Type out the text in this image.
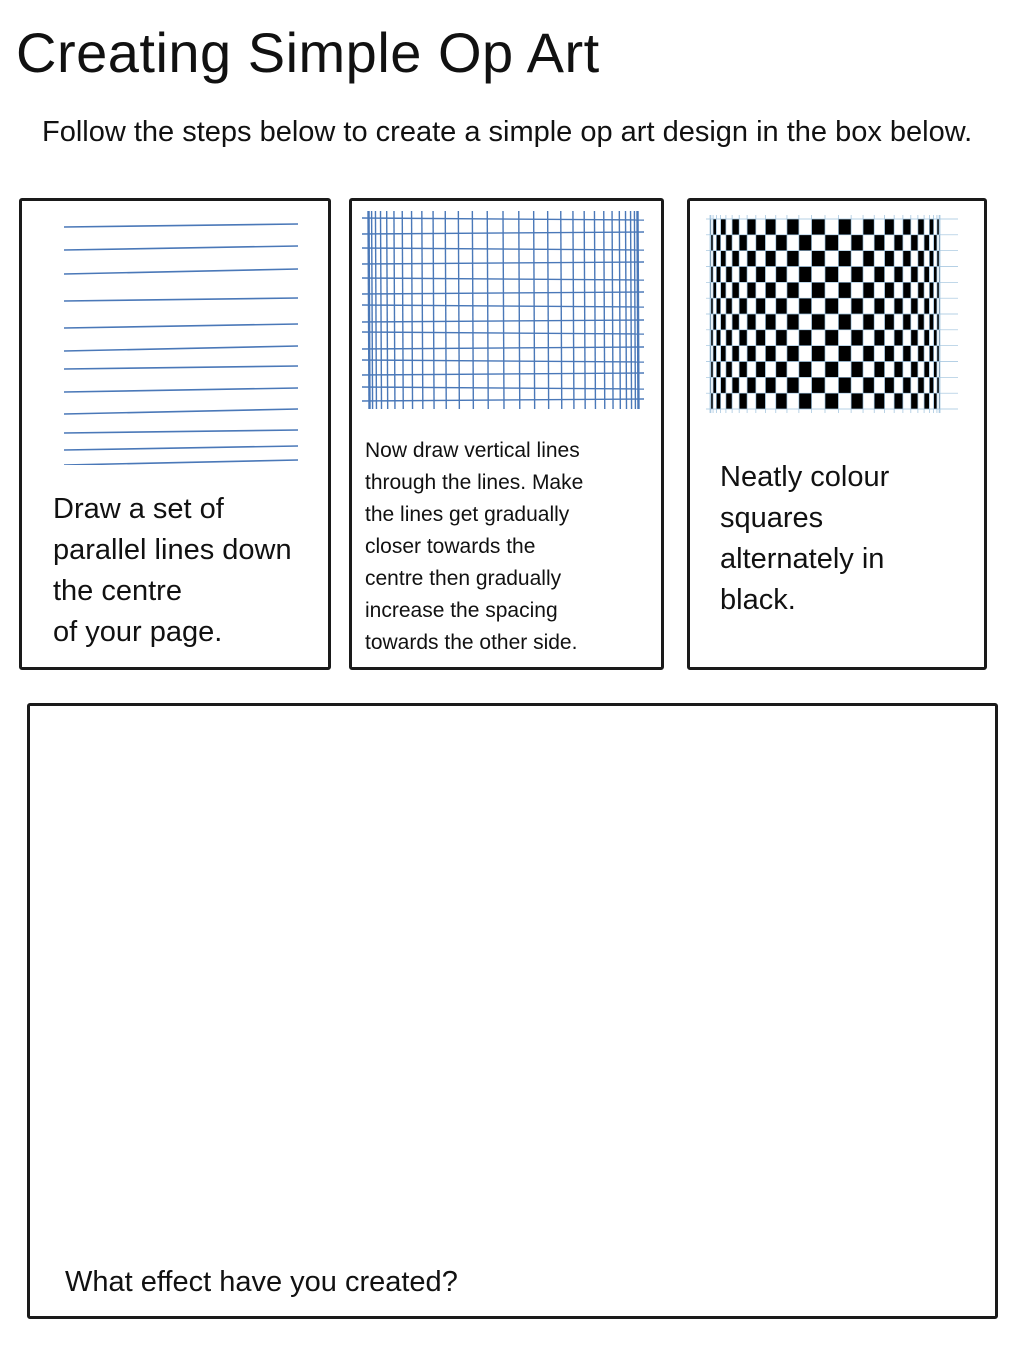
Creating Simple Op Art

Follow the steps below to create a simple op art design in the box below.

Draw a set of
parallel lines down
the centre
of your page.

Now draw vertical lines
through the lines. Make
the lines get gradually
closer towards the
centre then gradually
increase the spacing
towards the other side.

Neatly colour
squares
alternately in
black.

What effect have you created?
